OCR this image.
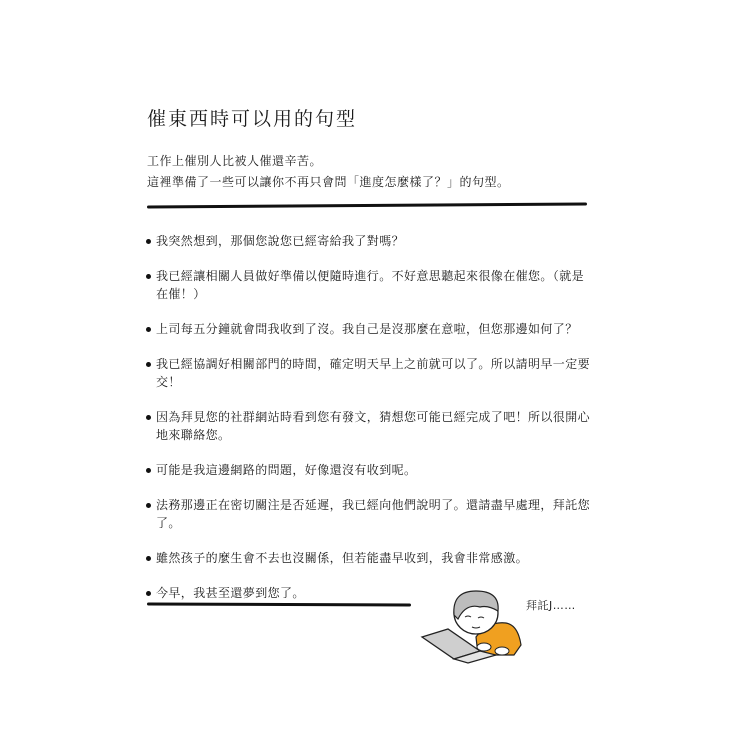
催東西時可以用的句型
工作上催別人比被人催還辛苦。
這裡準備了一些可以讓你不再只會問「進度怎麼樣了？」的句型。
我突然想到，那個您說您已經寄給我了對嗎？
我已經讓相關人員做好準備以便隨時進行。不好意思聽起來很像在催您。（就是在催！）
上司每五分鐘就會問我收到了沒。我自己是沒那麼在意啦，但您那邊如何了？
我已經協調好相關部門的時間，確定明天早上之前就可以了。所以請明早一定要交！
因為拜見您的社群網站時看到您有發文，猜想您可能已經完成了吧！所以很開心地來聯絡您。
可能是我這邊網路的問題，好像還沒有收到呢。
法務那邊正在密切關注是否延遲，我已經向他們說明了。還請盡早處理，拜託您了。
雖然孩子的麼生會不去也沒關係，但若能盡早收到，我會非常感激。
今早，我甚至還夢到您了。
拜託J……
